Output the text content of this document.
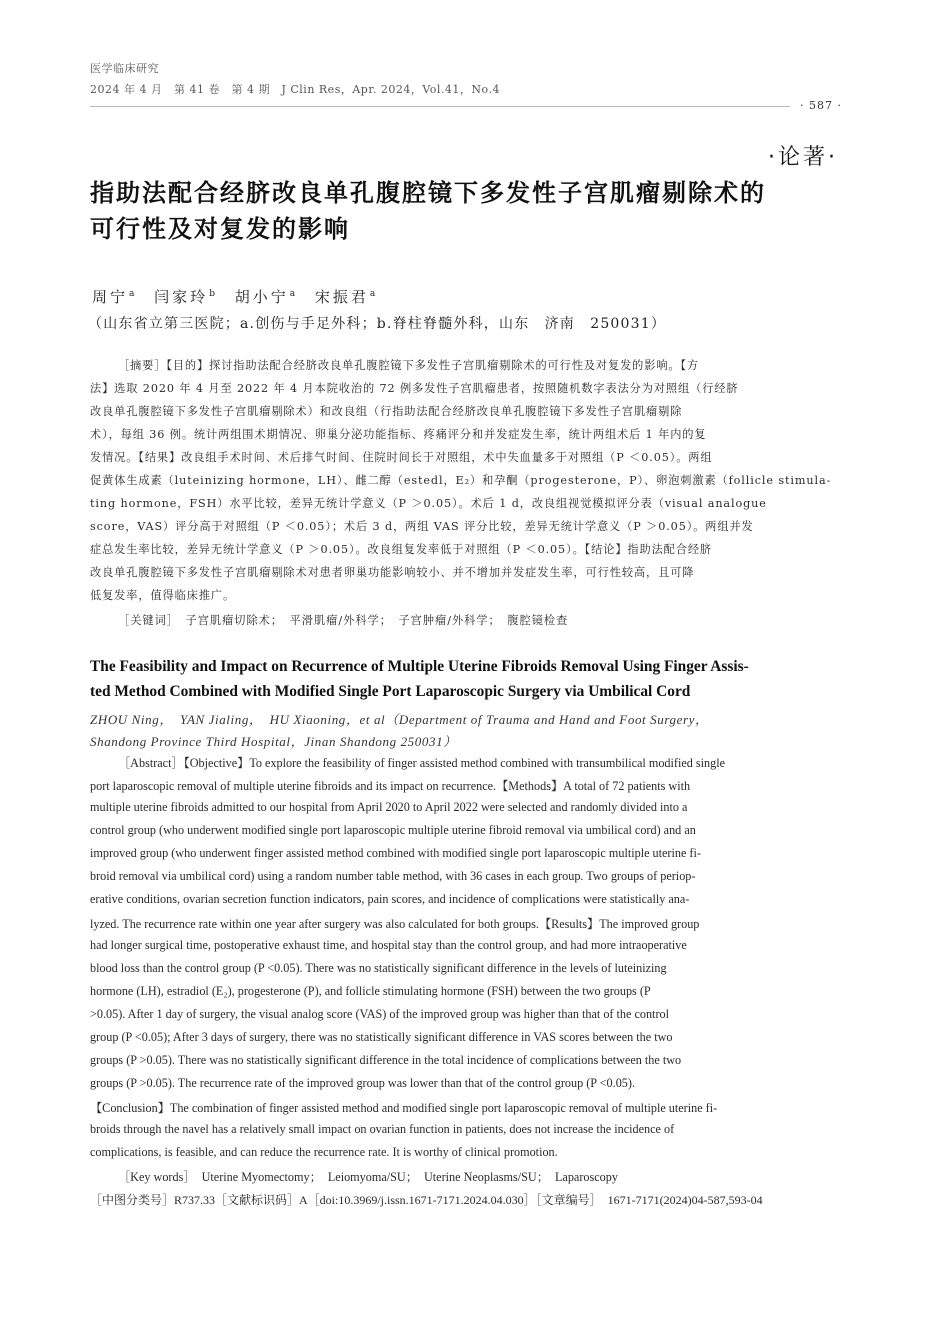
医学临床研究
2024 年 4 月　第 41 卷　第 4 期　J Clin Res，Apr. 2024，Vol.41，No.4
· 587 ·
·论著·
指助法配合经脐改良单孔腹腔镜下多发性子宫肌瘤剔除术的
可行性及对复发的影响
周宁$^a$ 闫家玲$^b$ 胡小宁$^a$ 宋振君$^a$
（山东省立第三医院；a.创伤与手足外科；b.脊柱脊髓外科，山东　济南　250031）
［摘要］【目的】探讨指助法配合经脐改良单孔腹腔镜下多发性子宫肌瘤剔除术的可行性及对复发的影响。【方
法】选取 2020 年 4 月至 2022 年 4 月本院收治的 72 例多发性子宫肌瘤患者，按照随机数字表法分为对照组（行经脐
改良单孔腹腔镜下多发性子宫肌瘤剔除术）和改良组（行指助法配合经脐改良单孔腹腔镜下多发性子宫肌瘤剔除
术），每组 36 例。统计两组围术期情况、卵巢分泌功能指标、疼痛评分和并发症发生率，统计两组术后 1 年内的复
发情况。【结果】改良组手术时间、术后排气时间、住院时间长于对照组，术中失血量多于对照组（P ＜0.05）。两组
促黄体生成素（luteinizing hormone，LH）、雌二醇（estedl，E₂）和孕酮（progesterone，P）、卵泡刺激素（follicle stimula-
ting hormone，FSH）水平比较，差异无统计学意义（P ＞0.05）。术后 1 d，改良组视觉模拟评分表（visual analogue
score，VAS）评分高于对照组（P ＜0.05）；术后 3 d，两组 VAS 评分比较，差异无统计学意义（P ＞0.05）。两组并发
症总发生率比较，差异无统计学意义（P ＞0.05）。改良组复发率低于对照组（P ＜0.05）。【结论】指助法配合经脐
改良单孔腹腔镜下多发性子宫肌瘤剔除术对患者卵巢功能影响较小、并不增加并发症发生率，可行性较高，且可降
低复发率，值得临床推广。
［关键词］　子宫肌瘤切除术；　平滑肌瘤/外科学；　子宫肿瘤/外科学；　腹腔镜检查
The Feasibility and Impact on Recurrence of Multiple Uterine Fibroids Removal Using Finger Assis-
ted Method Combined with Modified Single Port Laparoscopic Surgery via Umbilical Cord
ZHOU Ning，　YAN Jialing，　HU Xiaoning，et al（Department of Trauma and Hand and Foot Surgery，
Shandong Province Third Hospital，Jinan Shandong 250031）
［Abstract］【Objective】To explore the feasibility of finger assisted method combined with transumbilical modified single
port laparoscopic removal of multiple uterine fibroids and its impact on recurrence.【Methods】A total of 72 patients with
multiple uterine fibroids admitted to our hospital from April 2020 to April 2022 were selected and randomly divided into a
control group (who underwent modified single port laparoscopic multiple uterine fibroid removal via umbilical cord) and an
improved group (who underwent finger assisted method combined with modified single port laparoscopic multiple uterine fi-
broid removal via umbilical cord) using a random number table method, with 36 cases in each group. Two groups of periop-
erative conditions, ovarian secretion function indicators, pain scores, and incidence of complications were statistically ana-
lyzed. The recurrence rate within one year after surgery was also calculated for both groups.【Results】The improved group
had longer surgical time, postoperative exhaust time, and hospital stay than the control group, and had more intraoperative
blood loss than the control group (P <0.05). There was no statistically significant difference in the levels of luteinizing
hormone (LH), estradiol (E₂), progesterone (P), and follicle stimulating hormone (FSH) between the two groups (P
>0.05). After 1 day of surgery, the visual analog score (VAS) of the improved group was higher than that of the control
group (P <0.05); After 3 days of surgery, there was no statistically significant difference in VAS scores between the two
groups (P >0.05). There was no statistically significant difference in the total incidence of complications between the two
groups (P >0.05). The recurrence rate of the improved group was lower than that of the control group (P <0.05).
【Conclusion】The combination of finger assisted method and modified single port laparoscopic removal of multiple uterine fi-
broids through the navel has a relatively small impact on ovarian function in patients, does not increase the incidence of
complications, is feasible, and can reduce the recurrence rate. It is worthy of clinical promotion.
［Key words］　Uterine Myomectomy；　Leiomyoma/SU；　Uterine Neoplasms/SU；　Laparoscopy
［中图分类号］R737.33［文献标识码］A［doi:10.3969/j.issn.1671-7171.2024.04.030］［文章编号］　1671-7171(2024)04-587,593-04
